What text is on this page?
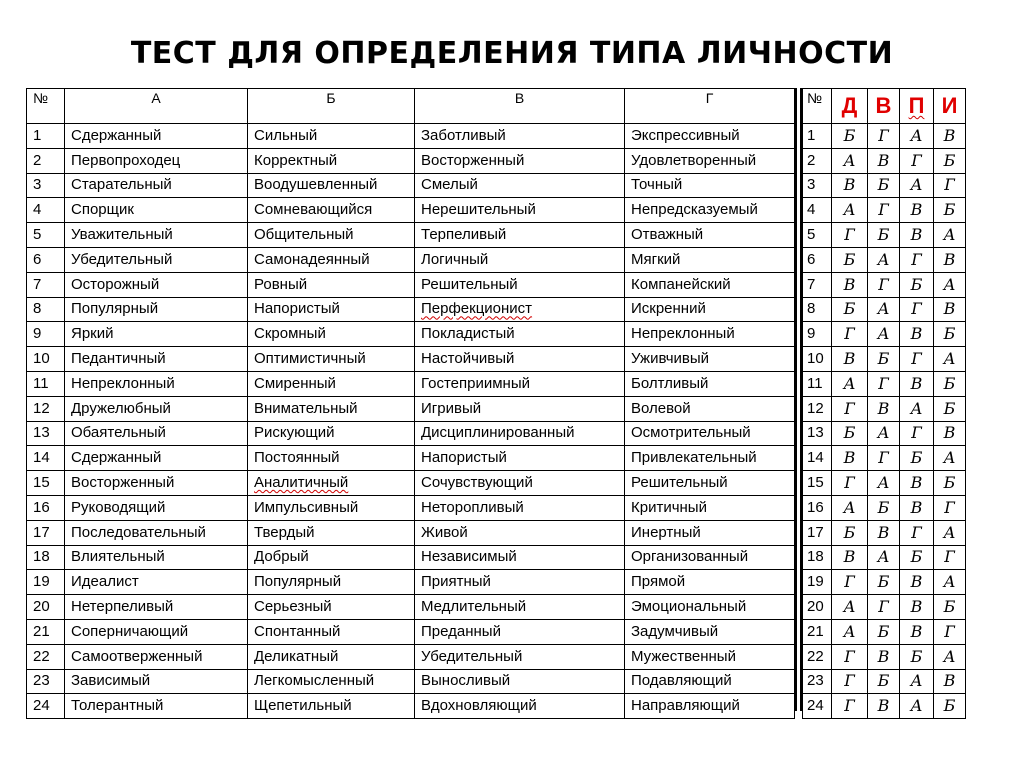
ТЕСТ ДЛЯ ОПРЕДЕЛЕНИЯ ТИПА ЛИЧНОСТИ
№	А	Б	В	Г
1	Сдержанный	Сильный	Заботливый	Экспрессивный
2	Первопроходец	Корректный	Восторженный	Удовлетворенный
3	Старательный	Воодушевленный	Смелый	Точный
4	Спорщик	Сомневающийся	Нерешительный	Непредсказуемый
5	Уважительный	Общительный	Терпеливый	Отважный
6	Убедительный	Самонадеянный	Логичный	Мягкий
7	Осторожный	Ровный	Решительный	Компанейский
8	Популярный	Напористый	Перфекционист	Искренний
9	Яркий	Скромный	Покладистый	Непреклонный
10	Педантичный	Оптимистичный	Настойчивый	Уживчивый
11	Непреклонный	Смиренный	Гостеприимный	Болтливый
12	Дружелюбный	Внимательный	Игривый	Волевой
13	Обаятельный	Рискующий	Дисциплинированный	Осмотрительный
14	Сдержанный	Постоянный	Напористый	Привлекательный
15	Восторженный	Аналитичный	Сочувствующий	Решительный
16	Руководящий	Импульсивный	Неторопливый	Критичный
17	Последовательный	Твердый	Живой	Инертный
18	Влиятельный	Добрый	Независимый	Организованный
19	Идеалист	Популярный	Приятный	Прямой
20	Нетерпеливый	Серьезный	Медлительный	Эмоциональный
21	Соперничающий	Спонтанный	Преданный	Задумчивый
22	Самоотверженный	Деликатный	Убедительный	Мужественный
23	Зависимый	Легкомысленный	Выносливый	Подавляющий
24	Толерантный	Щепетильный	Вдохновляющий	Направляющий
№	Д	В	П	И
1	Б	Г	А	В
2	А	В	Г	Б
3	В	Б	А	Г
4	А	Г	В	Б
5	Г	Б	В	А
6	Б	А	Г	В
7	В	Г	Б	А
8	Б	А	Г	В
9	Г	А	В	Б
10	В	Б	Г	А
11	А	Г	В	Б
12	Г	В	А	Б
13	Б	А	Г	В
14	В	Г	Б	А
15	Г	А	В	Б
16	А	Б	В	Г
17	Б	В	Г	А
18	В	А	Б	Г
19	Г	Б	В	А
20	А	Г	В	Б
21	А	Б	В	Г
22	Г	В	Б	А
23	Г	Б	А	В
24	Г	В	А	Б
